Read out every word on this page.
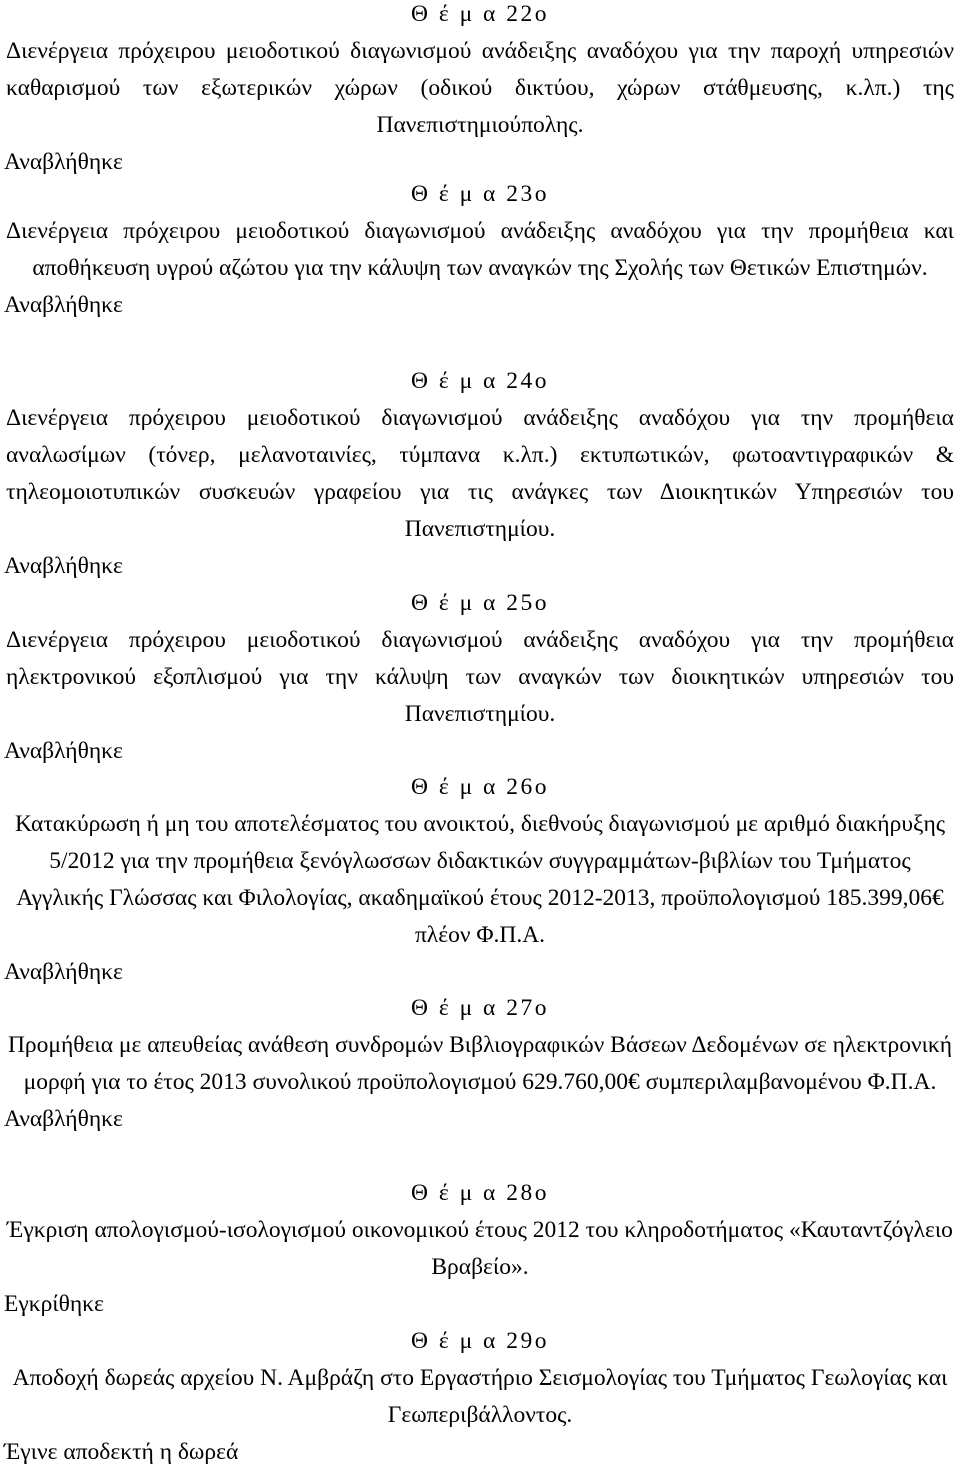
Θ έ μ α 22ο
Διενέργεια πρόχειρου μειοδοτικού διαγωνισμού ανάδειξης αναδόχου για την παροχή υπηρεσιών καθαρισμού των εξωτερικών χώρων (οδικού δικτύου, χώρων στάθμευσης, κ.λπ.) της Πανεπιστημιούπολης.
Αναβλήθηκε
Θ έ μ α 23ο
Διενέργεια πρόχειρου μειοδοτικού διαγωνισμού ανάδειξης αναδόχου για την προμήθεια και αποθήκευση υγρού αζώτου για την κάλυψη των αναγκών της Σχολής των Θετικών Επιστημών.
Αναβλήθηκε
Θ έ μ α 24ο
Διενέργεια πρόχειρου μειοδοτικού διαγωνισμού ανάδειξης αναδόχου για την προμήθεια αναλωσίμων (τόνερ, μελανοταινίες, τύμπανα κ.λπ.) εκτυπωτικών, φωτοαντιγραφικών & τηλεομοιοτυπικών συσκευών γραφείου για τις ανάγκες των Διοικητικών Υπηρεσιών του Πανεπιστημίου.
Αναβλήθηκε
Θ έ μ α 25ο
Διενέργεια πρόχειρου μειοδοτικού διαγωνισμού ανάδειξης αναδόχου για την προμήθεια ηλεκτρονικού εξοπλισμού για την κάλυψη των αναγκών των διοικητικών υπηρεσιών του Πανεπιστημίου.
Αναβλήθηκε
Θ έ μ α 26ο
Κατακύρωση ή μη του αποτελέσματος του ανοικτού, διεθνούς διαγωνισμού με αριθμό διακήρυξης 5/2012 για την προμήθεια ξενόγλωσσων διδακτικών συγγραμμάτων-βιβλίων του Τμήματος Αγγλικής Γλώσσας και Φιλολογίας, ακαδημαϊκού έτους 2012-2013, προϋπολογισμού 185.399,06€ πλέον Φ.Π.Α.
Αναβλήθηκε
Θ έ μ α 27ο
Προμήθεια με απευθείας ανάθεση συνδρομών Βιβλιογραφικών Βάσεων Δεδομένων σε ηλεκτρονική μορφή για το έτος 2013 συνολικού προϋπολογισμού 629.760,00€ συμπεριλαμβανομένου Φ.Π.Α.
Αναβλήθηκε
Θ έ μ α 28ο
Έγκριση απολογισμού-ισολογισμού οικονομικού έτους 2012 του κληροδοτήματος «Καυταντζόγλειο Βραβείο».
Εγκρίθηκε
Θ έ μ α 29ο
Αποδοχή δωρεάς αρχείου Ν. Αμβράζη στο Εργαστήριο Σεισμολογίας του Τμήματος Γεωλογίας και Γεωπεριβάλλοντος.
Έγινε αποδεκτή η δωρεά
